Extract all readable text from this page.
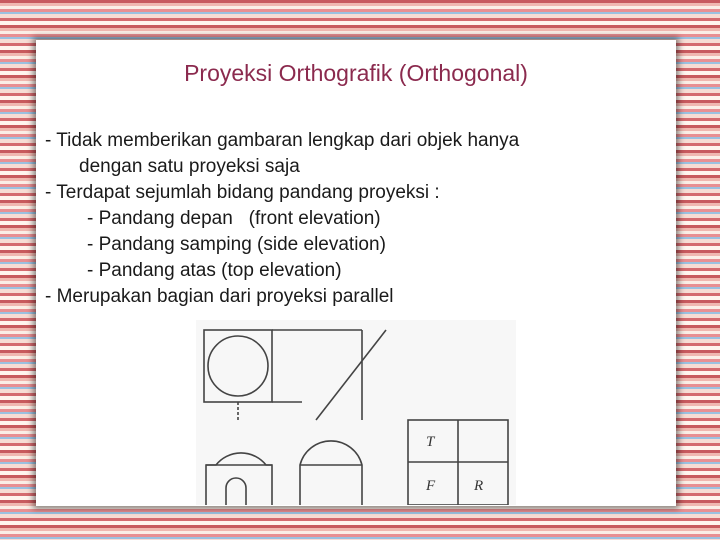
Proyeksi Orthografik (Orthogonal)
- Tidak memberikan gambaran lengkap dari objek hanya
dengan satu proyeksi saja
- Terdapat sejumlah bidang pandang proyeksi :
- Pandang depan   (front elevation)
- Pandang samping (side elevation)
- Pandang atas (top elevation)
- Merupakan bagian dari proyeksi parallel
T
F	R
